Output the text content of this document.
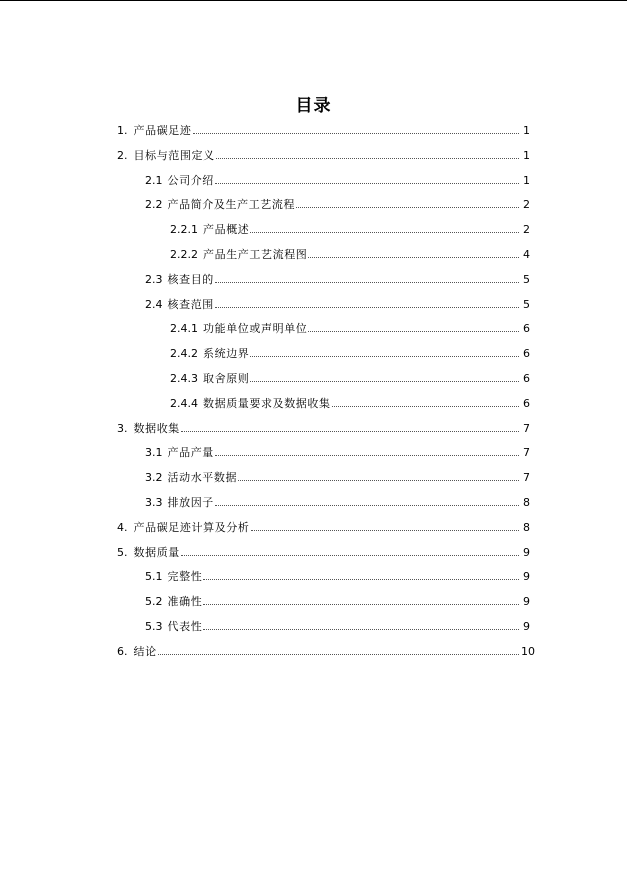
目录
1. 产品碳足迹	1
2. 目标与范围定义	1
2.1 公司介绍	1
2.2 产品简介及生产工艺流程	2
2.2.1 产品概述	2
2.2.2 产品生产工艺流程图	4
2.3 核查目的	5
2.4 核查范围	5
2.4.1 功能单位或声明单位	6
2.4.2 系统边界	6
2.4.3 取舍原则	6
2.4.4 数据质量要求及数据收集	6
3. 数据收集	7
3.1 产品产量	7
3.2 活动水平数据	7
3.3 排放因子	8
4. 产品碳足迹计算及分析	8
5. 数据质量	9
5.1 完整性	9
5.2 准确性	9
5.3 代表性	9
6. 结论	10
